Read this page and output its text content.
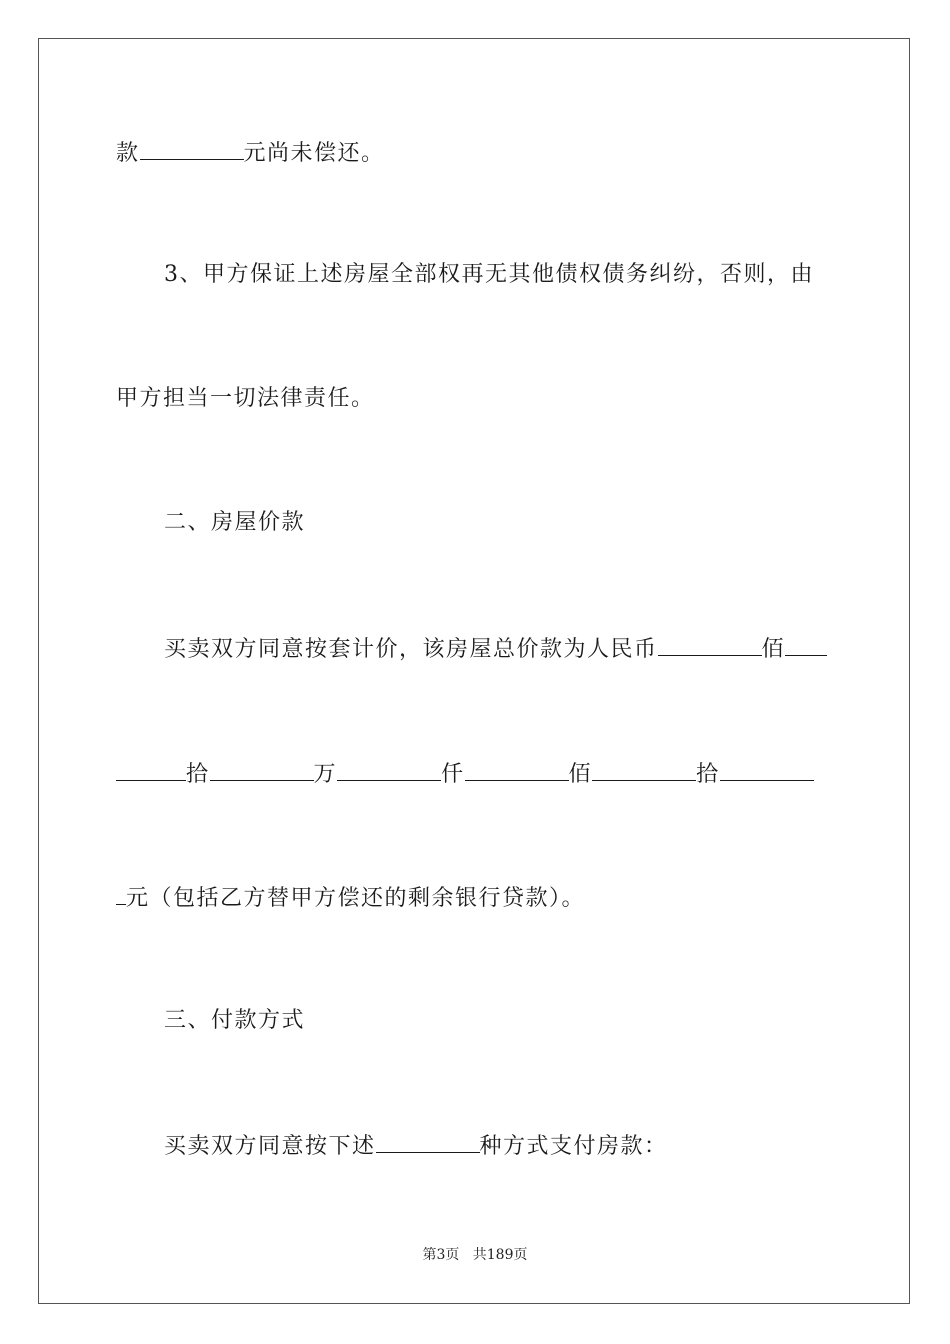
款	元尚未偿还。
3、甲方保证上述房屋全部权再无其他债权债务纠纷，否则，由
甲方担当一切法律责任。
二、房屋价款
买卖双方同意按套计价，该房屋总价款为人民币	佰
拾	万	仟	佰	拾
元（包括乙方替甲方偿还的剩余银行贷款）。
三、付款方式
买卖双方同意按下述	种方式支付房款：
第3页 共189页
